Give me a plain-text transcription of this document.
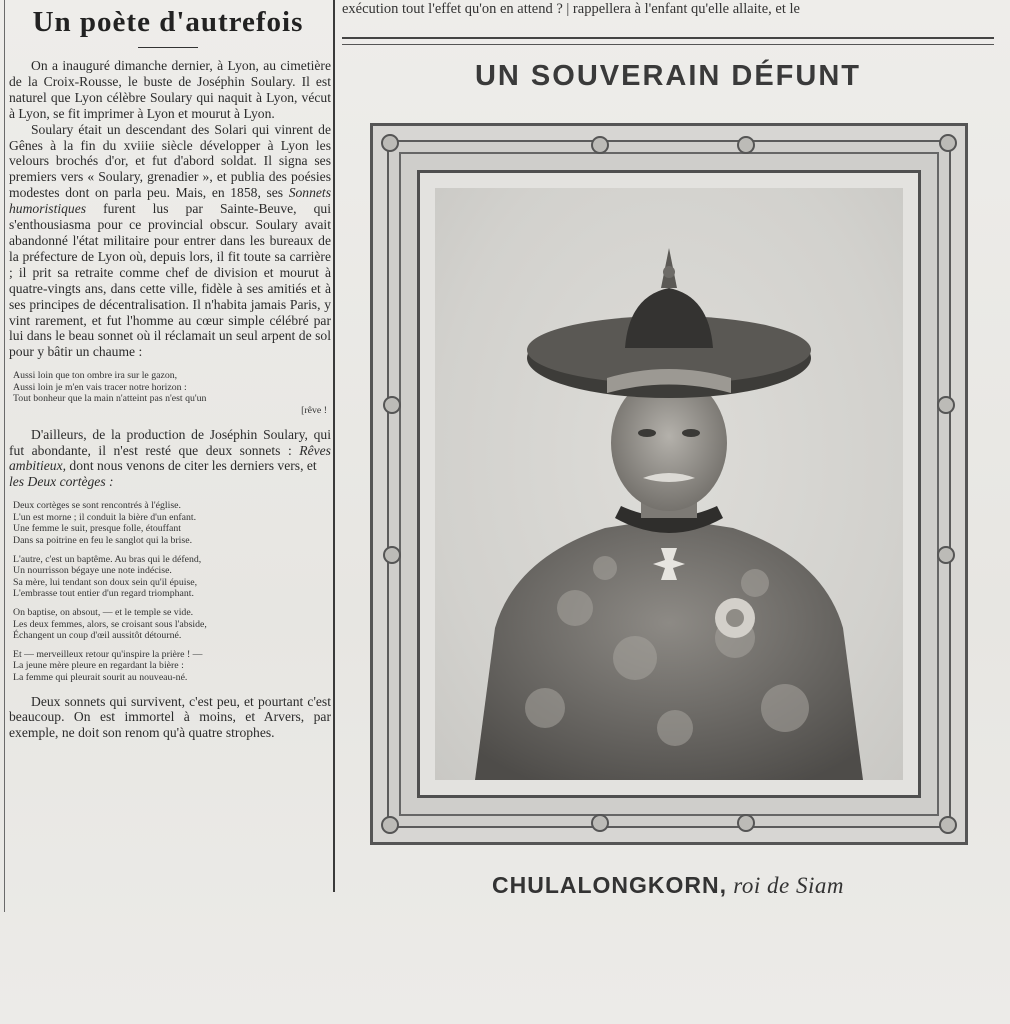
Un poète d'autrefois

On a inauguré dimanche dernier, à Lyon, au cimetière de la Croix-Rousse, le buste de Joséphin Soulary. Il est naturel que Lyon célèbre Soulary qui naquit à Lyon, vécut à Lyon, se fit imprimer à Lyon et mourut à Lyon.

Soulary était un descendant des Solari qui vinrent de Gênes à la fin du xviiie siècle développer à Lyon les velours brochés d'or, et fut d'abord soldat. Il signa ses premiers vers « Soulary, grenadier », et publia des poésies modestes dont on parla peu. Mais, en 1858, ses Sonnets humoristiques furent lus par Sainte-Beuve, qui s'enthousiasma pour ce provincial obscur. Soulary avait abandonné l'état militaire pour entrer dans les bureaux de la préfecture de Lyon où, depuis lors, il fit toute sa carrière ; il prit sa retraite comme chef de division et mourut à quatre-vingts ans, dans cette ville, fidèle à ses amitiés et à ses principes de décentralisation. Il n'habita jamais Paris, y vint rarement, et fut l'homme au cœur simple célébré par lui dans le beau sonnet où il réclamait un seul arpent de sol pour y bâtir un chaume :

Aussi loin que ton ombre ira sur le gazon,
Aussi loin je m'en vais tracer notre horizon :
Tout bonheur que la main n'atteint pas n'est qu'un
[rêve !

D'ailleurs, de la production de Joséphin Soulary, qui fut abondante, il n'est resté que deux sonnets : Rêves ambitieux, dont nous venons de citer les derniers vers, et
les Deux cortèges :

Deux cortèges se sont rencontrés à l'église.
L'un est morne ; il conduit la bière d'un enfant.
Une femme le suit, presque folle, étouffant
Dans sa poitrine en feu le sanglot qui la brise.
L'autre, c'est un baptême. Au bras qui le défend,
Un nourrisson bégaye une note indécise.
Sa mère, lui tendant son doux sein qu'il épuise,
L'embrasse tout entier d'un regard triomphant.
On baptise, on absout, — et le temple se vide.
Les deux femmes, alors, se croisant sous l'abside,
Échangent un coup d'œil aussitôt détourné.
Et — merveilleux retour qu'inspire la prière ! —
La jeune mère pleure en regardant la bière :
La femme qui pleurait sourit au nouveau-né.

Deux sonnets qui survivent, c'est peu, et pourtant c'est beaucoup. On est immortel à moins, et Arvers, par exemple, ne doit son renom qu'à quatre strophes.

exécution tout l'effet qu'on en attend ? | rappellera à l'enfant qu'elle allaite, et le
UN SOUVERAIN DÉFUNT
CHULALONGKORN, roi de Siam
